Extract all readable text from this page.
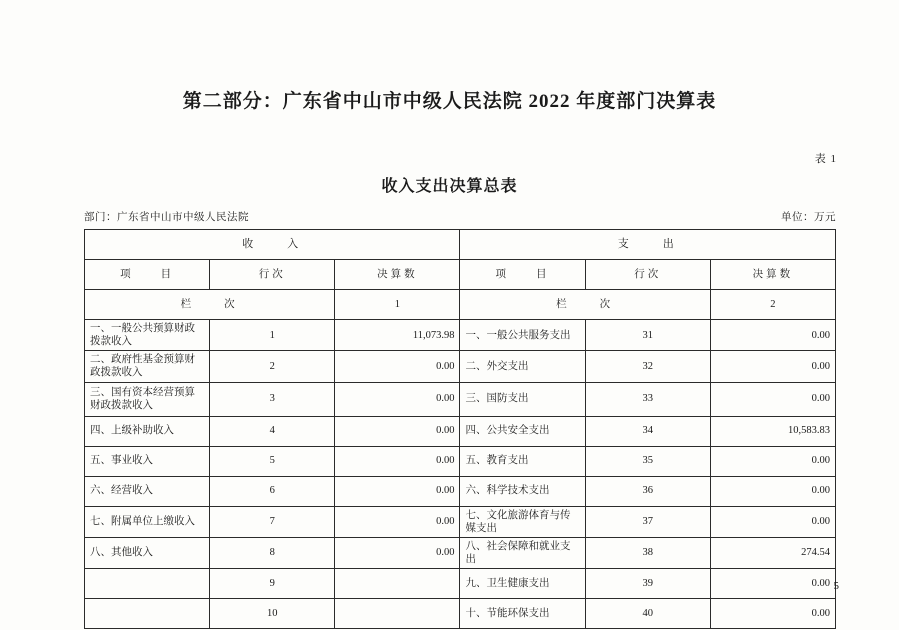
第二部分：广东省中山市中级人民法院 2022 年度部门决算表
表 1
收入支出决算总表
部门：广东省中山市中级人民法院	单位：万元
收　　入			支　　出		
项　　目	行次	决算数	项　　目	行次	决算数
栏　　次		1	栏　　次		2
一、一般公共预算财政拨款收入	1	11,073.98	一、一般公共服务支出	31	0.00
二、政府性基金预算财政拨款收入	2	0.00	二、外交支出	32	0.00
三、国有资本经营预算财政拨款收入	3	0.00	三、国防支出	33	0.00
四、上级补助收入	4	0.00	四、公共安全支出	34	10,583.83
五、事业收入	5	0.00	五、教育支出	35	0.00
六、经营收入	6	0.00	六、科学技术支出	36	0.00
七、附属单位上缴收入	7	0.00	七、文化旅游体育与传媒支出	37	0.00
八、其他收入	8	0.00	八、社会保障和就业支出	38	274.54
	9		九、卫生健康支出	39	0.00
	10		十、节能环保支出	40	0.00
5
